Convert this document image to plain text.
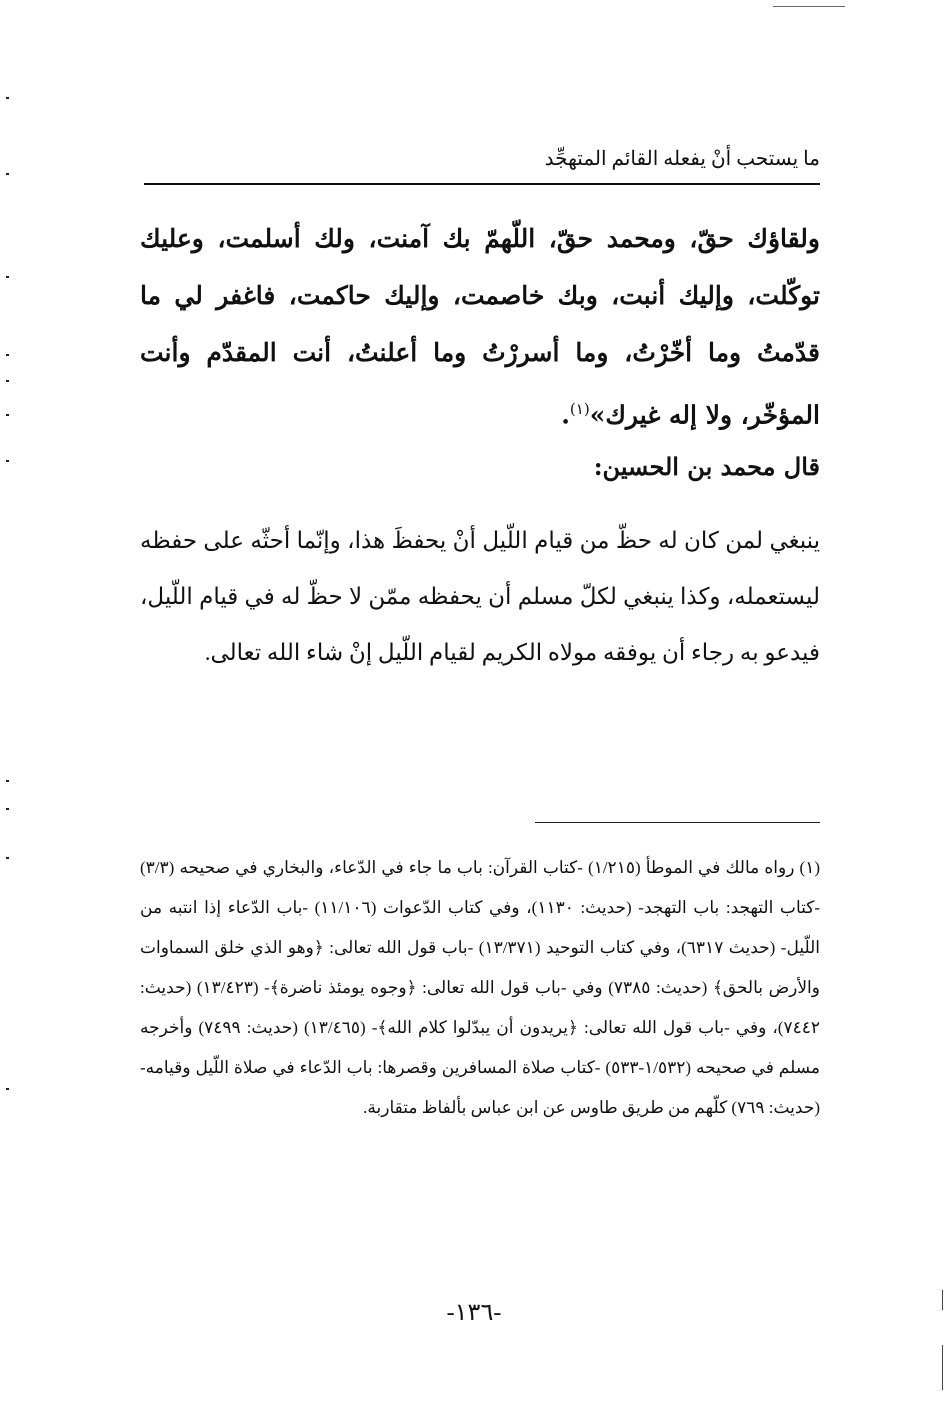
ما يستحب أنْ يفعله القائم المتهجِّد

ولقاؤك حقّ، ومحمد حقّ، اللّهمّ بك آمنت، ولك أسلمت، وعليك توكّلت، وإليك أنبت، وبك خاصمت، وإليك حاكمت، فاغفر لي ما قدّمتُ وما أخّرْتُ، وما أسررْتُ وما أعلنتُ، أنت المقدّم وأنت المؤخّر، ولا إله غيرك»$^{(١)}$.

قال محمد بن الحسين:

ينبغي لمن كان له حظّ من قيام اللّيل أنْ يحفظَ هذا، وإنّما أحثّه على حفظه ليستعمله، وكذا ينبغي لكلّ مسلم أن يحفظه ممّن لا حظّ له في قيام اللّيل، فيدعو به رجاء أن يوفقه مولاه الكريم لقيام اللّيل إنْ شاء الله تعالى.

(١) رواه مالك في الموطأ (١/٢١٥) -كتاب القرآن: باب ما جاء في الدّعاء، والبخاري في صحيحه (٣/٣) -كتاب التهجد: باب التهجد- (حديث: ١١٣٠)، وفي كتاب الدّعوات (١١/١٠٦) -باب الدّعاء إذا انتبه من اللّيل- (حديث ٦٣١٧)، وفي كتاب التوحيد (١٣/٣٧١) -باب قول الله تعالى: ﴿وهو الذي خلق السماوات والأرض بالحق﴾ (حديث: ٧٣٨٥) وفي -باب قول الله تعالى: ﴿وجوه يومئذ ناضرة﴾- (١٣/٤٢٣) (حديث: ٧٤٤٢)، وفي -باب قول الله تعالى: ﴿يريدون أن يبدّلوا كلام الله﴾- (١٣/٤٦٥) (حديث: ٧٤٩٩) وأخرجه مسلم في صحيحه (١/٥٣٢-٥٣٣) -كتاب صلاة المسافرين وقصرها: باب الدّعاء في صلاة اللّيل وقيامه- (حديث: ٧٦٩) كلّهم من طريق طاوس عن ابن عباس بألفاظ متقاربة.

-١٣٦-
